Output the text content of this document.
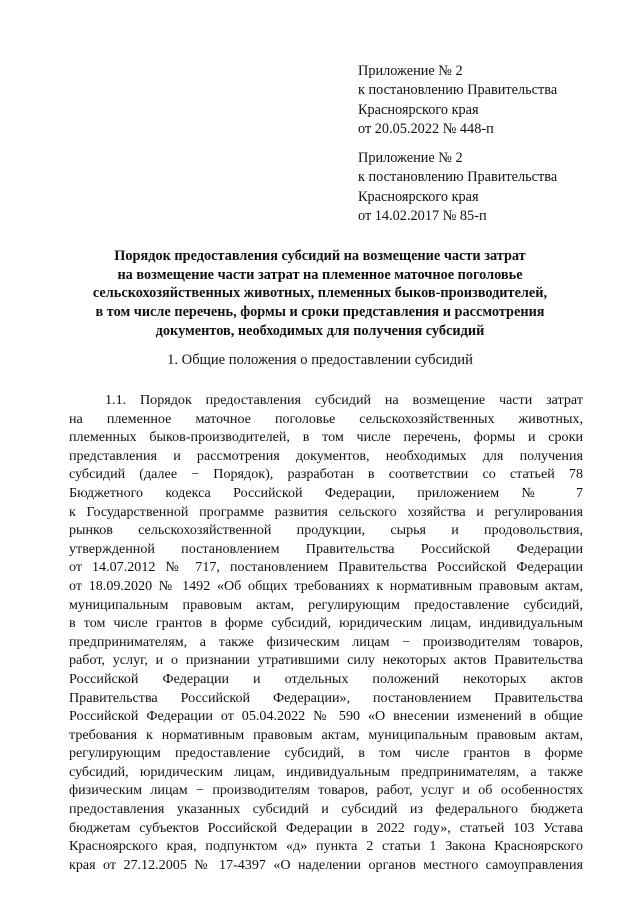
Приложение № 2
к постановлению Правительства
Красноярского края
от 20.05.2022 № 448-п
Приложение № 2
к постановлению Правительства
Красноярского края
от 14.02.2017 № 85-п
Порядок предоставления субсидий на возмещение части затрат
на возмещение части затрат на племенное маточное поголовье
сельскохозяйственных животных, племенных быков-производителей,
в том числе перечень, формы и сроки представления и рассмотрения
документов, необходимых для получения субсидий
1. Общие положения о предоставлении субсидий
1.1. Порядок предоставления субсидий на возмещение части затрат
на племенное маточное поголовье сельскохозяйственных животных,
племенных быков-производителей, в том числе перечень, формы и сроки
представления и рассмотрения документов, необходимых для получения
субсидий (далее − Порядок), разработан в соответствии со статьей 78
Бюджетного кодекса Российской Федерации, приложением № 7
к Государственной программе развития сельского хозяйства и регулирования
рынков сельскохозяйственной продукции, сырья и продовольствия,
утвержденной постановлением Правительства Российской Федерации
от 14.07.2012 № 717, постановлением Правительства Российской Федерации
от 18.09.2020 № 1492 «Об общих требованиях к нормативным правовым актам,
муниципальным правовым актам, регулирующим предоставление субсидий,
в том числе грантов в форме субсидий, юридическим лицам, индивидуальным
предпринимателям, а также физическим лицам − производителям товаров,
работ, услуг, и о признании утратившими силу некоторых актов Правительства
Российской Федерации и отдельных положений некоторых актов
Правительства Российской Федерации», постановлением Правительства
Российской Федерации от 05.04.2022 № 590 «О внесении изменений в общие
требования к нормативным правовым актам, муниципальным правовым актам,
регулирующим предоставление субсидий, в том числе грантов в форме
субсидий, юридическим лицам, индивидуальным предпринимателям, а также
физическим лицам − производителям товаров, работ, услуг и об особенностях
предоставления указанных субсидий и субсидий из федерального бюджета
бюджетам субъектов Российской Федерации в 2022 году», статьей 103 Устава
Красноярского края, подпунктом «д» пункта 2 статьи 1 Закона Красноярского
края от 27.12.2005 № 17-4397 «О наделении органов местного самоуправления
